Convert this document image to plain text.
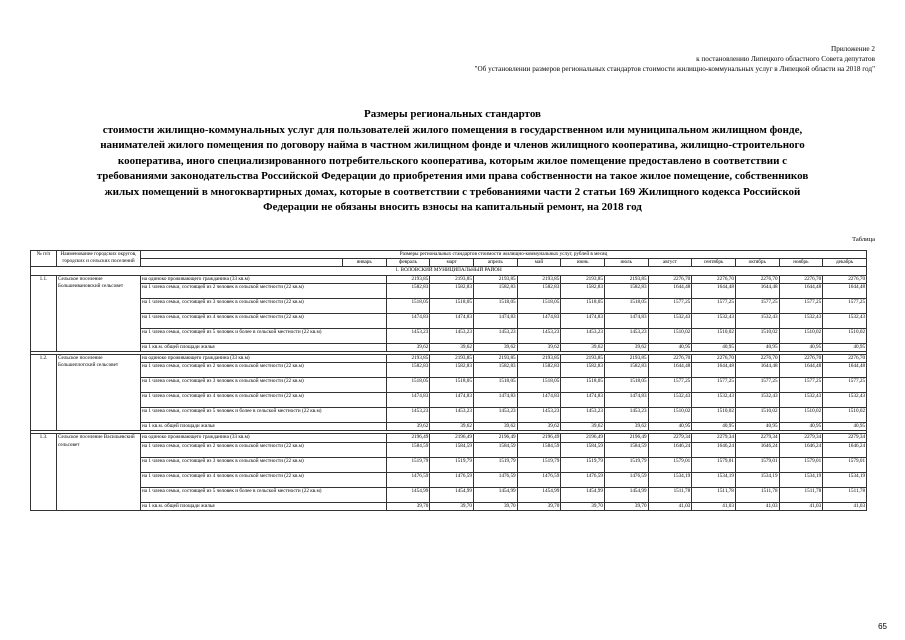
Приложение 2
к постановлению Липецкого областного Совета депутатов
"Об установлении размеров региональных стандартов стоимости жилищно-коммунальных услуг в Липецкой области на 2018 год"
Размеры региональных стандартов
стоимости жилищно-коммунальных услуг для пользователей жилого помещения в государственном или муниципальном жилищном фонде,
нанимателей жилого помещения по договору найма в частном жилищном фонде и членов жилищного кооператива, жилищно-строительного
кооператива, иного специализированного потребительского кооператива, которым жилое помещение предоставлено в соответствии с
требованиями законодательства Российской Федерации до приобретения ими права собственности на такое жилое помещение, собственников
жилых помещений в многоквартирных домах, которые в соответствии с требованиями части 2 статьи 169 Жилищного кодекса Российской
Федерации не обязаны вносить взносы на капитальный ремонт, на 2018 год
Таблица
№ п/п	Наименование городских округов, городских и сельских поселений	Размеры региональных стандартов стоимости жилищно-коммунальных услуг, рублей в месяц													
			январь	февраль	март	апрель	май	июнь	июль	август	сентябрь	октябрь	ноябрь	декабрь	
1. ВОЛОВСКИЙ МУНИЦИПАЛЬНЫЙ РАЙОН															
1.1.	Сельское поселение Большеивановский сельсовет	на одиноко проживающего гражданина (33 кв.м)		2193,85	2193,85	2193,85	2193,85	2193,85	2193,85	2276,70	2276,70	2276,70	2276,70	2276,70	
		на 1 члена семьи, состоящей из 2 человек в сельской местности (22 кв.м)		1582,83	1582,83	1582,83	1582,83	1582,83	1582,83	1644,48	1644,48	1644,48	1644,48	1644,48	
		на 1 члена семьи, состоящей из 3 человек в сельской местности (22 кв.м)		1518,05	1518,05	1518,05	1518,05	1518,05	1518,05	1577,25	1577,25	1577,25	1577,25	1577,25	
		на 1 члена семьи, состоящей из 4 человек в сельской местности (22 кв.м)		1474,83	1474,83	1474,83	1474,83	1474,83	1474,83	1532,43	1532,43	1532,43	1532,43	1532,43	
		на 1 члена семьи, состоящей из 5 человек и более в сельской местности (22 кв.м)		1453,23	1453,23	1453,23	1453,23	1453,23	1453,23	1510,02	1510,02	1510,02	1510,02	1510,02	
		на 1 кв.м. общей площади жилья		39,62	39,62	39,62	39,62	39,62	39,62	40,95	40,95	40,95	40,95	40,95	

1.2.	Сельское поселение Большеплотский сельсовет	на одиноко проживающего гражданина (33 кв.м)		2193,85	2193,85	2193,85	2193,85	2193,85	2193,85	2276,70	2276,70	2276,70	2276,70	2276,70	
		на 1 члена семьи, состоящей из 2 человек в сельской местности (22 кв.м)		1582,83	1582,83	1582,83	1582,83	1582,83	1582,83	1644,48	1644,48	1644,48	1644,48	1644,48	
		на 1 члена семьи, состоящей из 3 человек в сельской местности (22 кв.м)		1518,05	1518,05	1518,05	1518,05	1518,05	1518,05	1577,25	1577,25	1577,25	1577,25	1577,25	
		на 1 члена семьи, состоящей из 4 человек в сельской местности (22 кв.м)		1474,83	1474,83	1474,83	1474,83	1474,83	1474,83	1532,43	1532,43	1532,43	1532,43	1532,43	
		на 1 члена семьи, состоящей из 5 человек и более в сельской местности (22 кв.м)		1453,23	1453,23	1453,23	1453,23	1453,23	1453,23	1510,02	1510,02	1510,02	1510,02	1510,02	
		на 1 кв.м. общей площади жилья		39,62	39,62	39,62	39,62	39,62	39,62	40,95	40,95	40,95	40,95	40,95	

1.3.	Сельское поселение Васильевский сельсовет	на одиноко проживающего гражданина (33 кв.м)		2196,49	2196,49	2196,49	2196,49	2196,49	2196,49	2279,34	2279,34	2279,34	2279,34	2279,34	
		на 1 члена семьи, состоящей из 2 человек в сельской местности (22 кв.м)		1584,59	1584,59	1584,59	1584,59	1584,59	1584,59	1646,24	1646,24	1646,24	1646,24	1646,24	
		на 1 члена семьи, состоящей из 3 человек в сельской местности (22 кв.м)		1519,79	1519,79	1519,79	1519,79	1519,79	1519,79	1579,01	1579,01	1579,01	1579,01	1579,01	
		на 1 члена семьи, состоящей из 4 человек в сельской местности (22 кв.м)		1476,59	1476,59	1476,59	1476,59	1476,59	1476,59	1534,19	1534,19	1534,19	1534,19	1534,19	
		на 1 члена семьи, состоящей из 5 человек и более в сельской местности (22 кв.м)		1454,99	1454,99	1454,99	1454,99	1454,99	1454,99	1511,78	1511,78	1511,78	1511,78	1511,78	
		на 1 кв.м. общей площади жилья		39,70	39,70	39,70	39,70	39,70	39,70	41,03	41,03	41,03	41,03	41,03	
65
